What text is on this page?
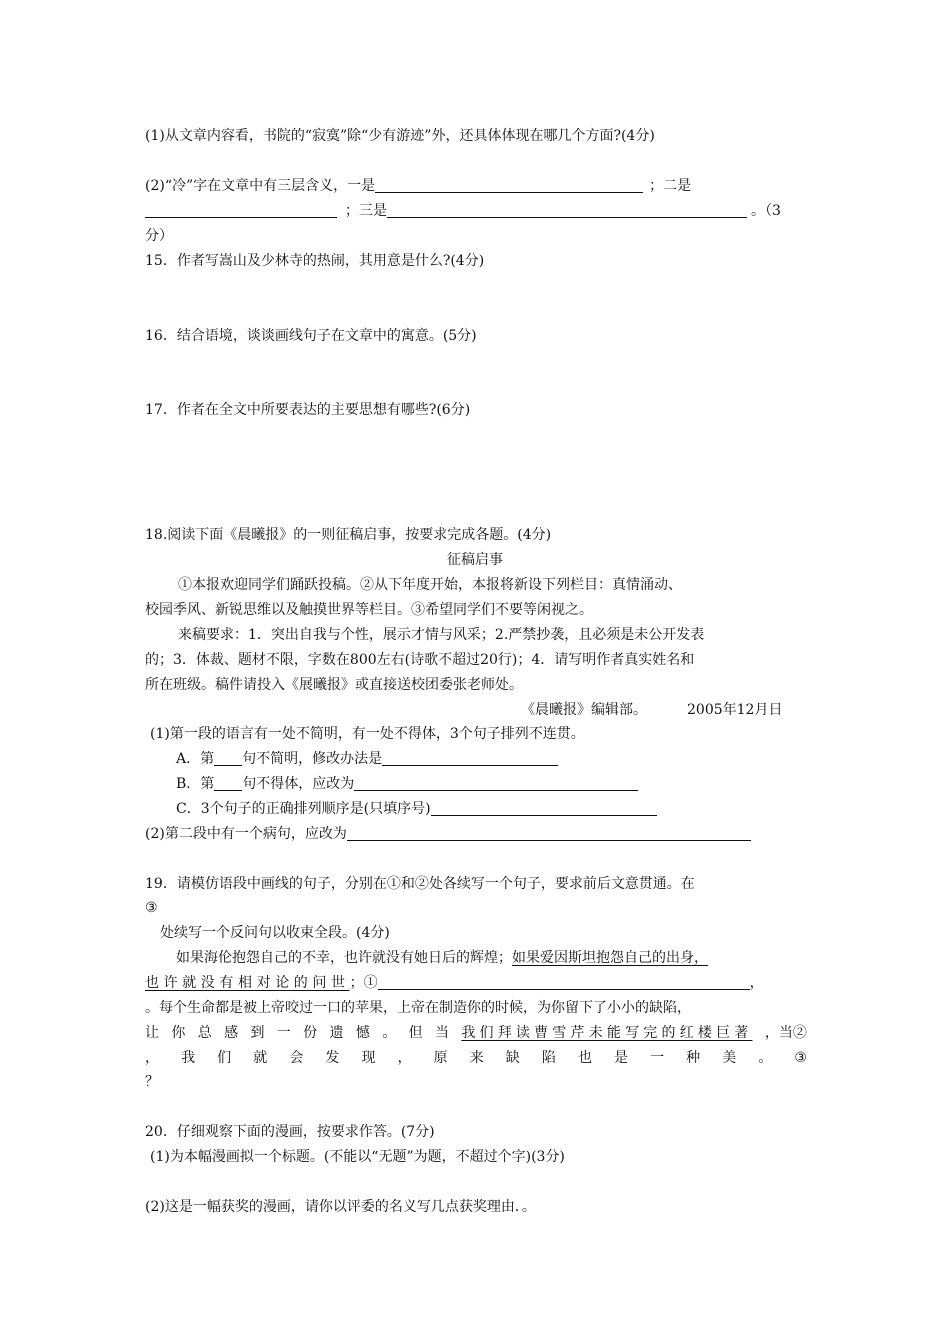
(1)从文章内容看，书院的“寂寞”除“少有游迹”外，还具体体现在哪几个方面?(4分)
(2)“冷”字在文章中有三层含义，一是	；二是
；三是	。（3
分）
15．作者写嵩山及少林寺的热闹，其用意是什么?(4分)
16．结合语境，谈谈画线句子在文章中的寓意。(5分)
17．作者在全文中所要表达的主要思想有哪些?(6分)
18.阅读下面《晨曦报》的一则征稿启事，按要求完成各题。(4分)
征稿启事
①本报欢迎同学们踊跃投稿。②从下年度开始，本报将新设下列栏目：真情涌动、
校园季风、新锐思维以及触摸世界等栏目。③希望同学们不要等闲视之。
来稿要求：1．突出自我与个性，展示才情与风采；2.严禁抄袭，且必须是未公开发表
的；3．体裁、题材不限，字数在800左右(诗歌不超过20行)；4．请写明作者真实姓名和
所在班级。稿件请投入《展曦报》或直接送校团委张老师处。
《晨曦报》编辑部。	2005年12月日
(1)第一段的语言有一处不简明，有一处不得体，3个句子排列不连贯。
A．第 句不简明，修改办法是
B．第 句不得体，应改为
C．3个句子的正确排列顺序是(只填序号)
(2)第二段中有一个病句，应改为
19．请模仿语段中画线的句子，分别在①和②处各续写一个句子，要求前后文意贯通。在
③
处续写一个反问句以收束全段。(4分)
如果海伦抱怨自己的不幸，也许就没有她日后的辉煌；如果爱因斯坦抱怨自己的出身，
也许就没有相对论的问世；①	，
。每个生命都是被上帝咬过一口的苹果，上帝在制造你的时候，为你留下了小小的缺陷，
让 你 总 感 到 一 份 遗 憾 。 但 当 我们拜读曹雪芹未能写完的红楼巨著 ，当②
， 我 们 就 会 发 现 ， 原 来 缺 陷 也 是 一 种 美 。 ③
？
20．仔细观察下面的漫画，按要求作答。(7分)
(1)为本幅漫画拟一个标题。(不能以“无题”为题，不超过个字)(3分)
(2)这是一幅获奖的漫画，请你以评委的名义写几点获奖理由．。
